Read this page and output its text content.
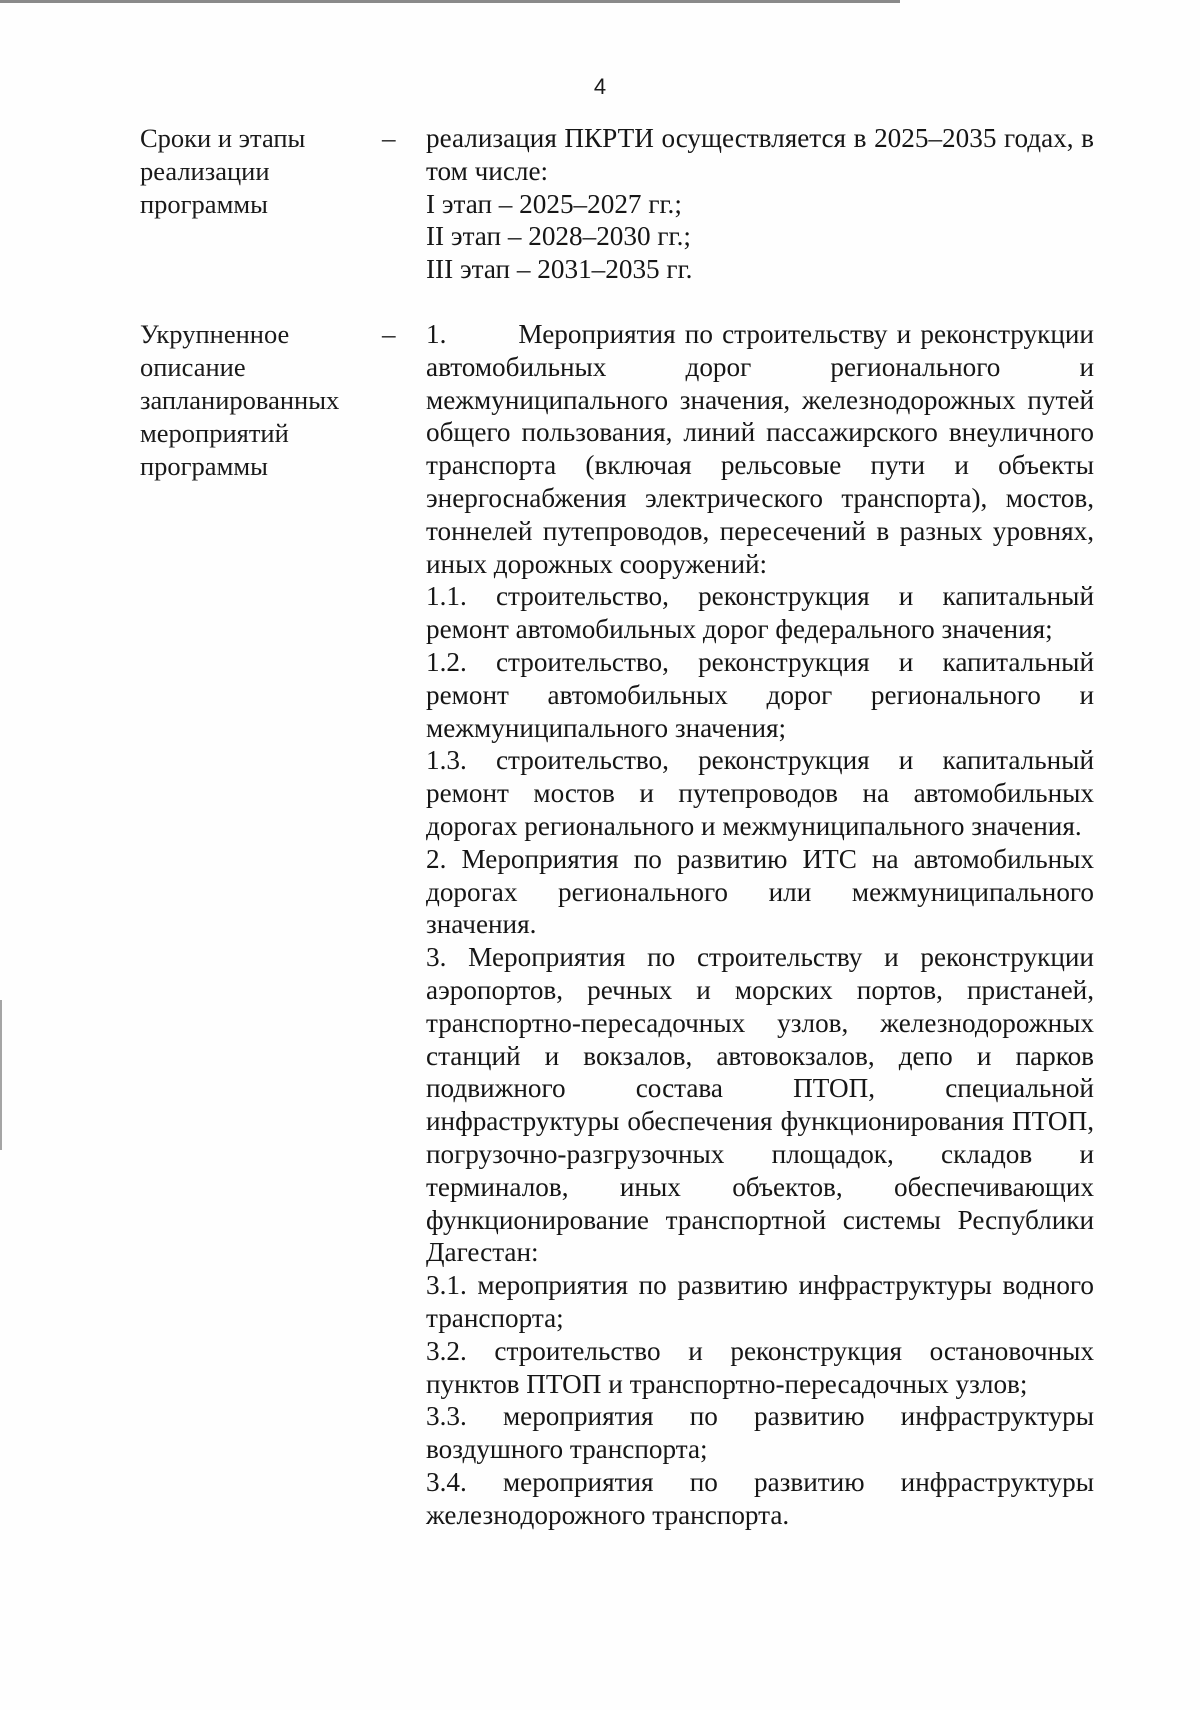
4
Сроки и этапы
реализации
программы
– реализация ПКРТИ осуществляется в 2025–2035 годах, в том числе:

I этап – 2025–2027 гг.;

II этап – 2028–2030 гг.;

III этап – 2031–2035 гг.

Укрупненное
описание
запланированных
мероприятий
программы
– 1.	Мероприятия по строительству и реконструкции автомобильных дорог регионального и межмуниципального значения, железнодорожных путей общего пользования, линий пассажирского внеуличного транспорта (включая рельсовые пути и объекты энергоснабжения электрического транспорта), мостов, тоннелей путепроводов, пересечений в разных уровнях, иных дорожных сооружений:

1.1. строительство, реконструкция и капитальный ремонт автомобильных дорог федерального значения;

1.2. строительство, реконструкция и капитальный ремонт автомобильных дорог регионального и межмуниципального значения;

1.3. строительство, реконструкция и капитальный ремонт мостов и путепроводов на автомобильных дорогах регионального и межмуниципального значения.

2. Мероприятия по развитию ИТС на автомобильных дорогах регионального или межмуниципального значения.

3. Мероприятия по строительству и реконструкции аэропортов, речных и морских портов, пристаней, транспортно-пересадочных узлов, железнодорожных станций и вокзалов, автовокзалов, депо и парков подвижного состава ПТОП, специальной инфраструктуры обеспечения функционирования ПТОП, погрузочно-разгрузочных площадок, складов и терминалов, иных объектов, обеспечивающих функционирование транспортной системы Республики Дагестан:

3.1. мероприятия по развитию инфраструктуры водного транспорта;

3.2. строительство и реконструкция остановочных пунктов ПТОП и транспортно-пересадочных узлов;

3.3. мероприятия по развитию инфраструктуры воздушного транспорта;

3.4. мероприятия по развитию инфраструктуры железнодорожного транспорта.
